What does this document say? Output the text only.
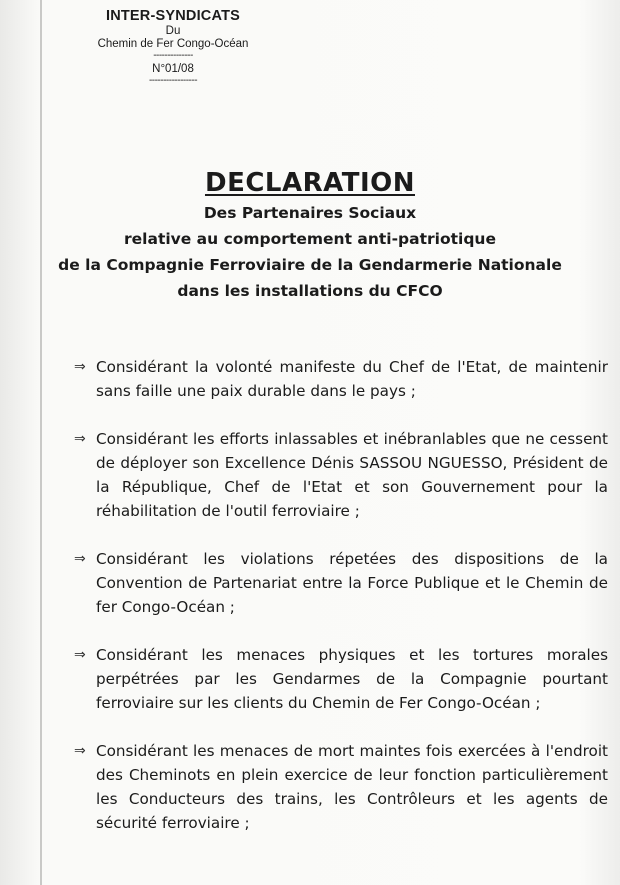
INTER-SYNDICATS
Du
Chemin de Fer Congo-Océan
--------------
N°01/08
-----------------
DECLARATION
Des Partenaires Sociaux
relative au comportement anti-patriotique
de la Compagnie Ferroviaire de la Gendarmerie Nationale
dans les installations du CFCO
⇒ Considérant la volonté manifeste du Chef de l'Etat, de maintenir sans faille une paix durable dans le pays ;
⇒ Considérant les efforts inlassables et inébranlables que ne cessent de déployer son Excellence Dénis SASSOU NGUESSO, Président de la République, Chef de l'Etat et son Gouvernement pour la réhabilitation de l'outil ferroviaire ;
⇒ Considérant les violations répetées des dispositions de la Convention de Partenariat entre la Force Publique et le Chemin de fer Congo-Océan ;
⇒ Considérant les menaces physiques et les tortures morales perpétrées par les Gendarmes de la Compagnie pourtant ferroviaire sur les clients du Chemin de Fer Congo-Océan ;
⇒ Considérant les menaces de mort maintes fois exercées à l'endroit des Cheminots en plein exercice de leur fonction particulièrement les Conducteurs des trains, les Contrôleurs et les agents de sécurité ferroviaire ;
